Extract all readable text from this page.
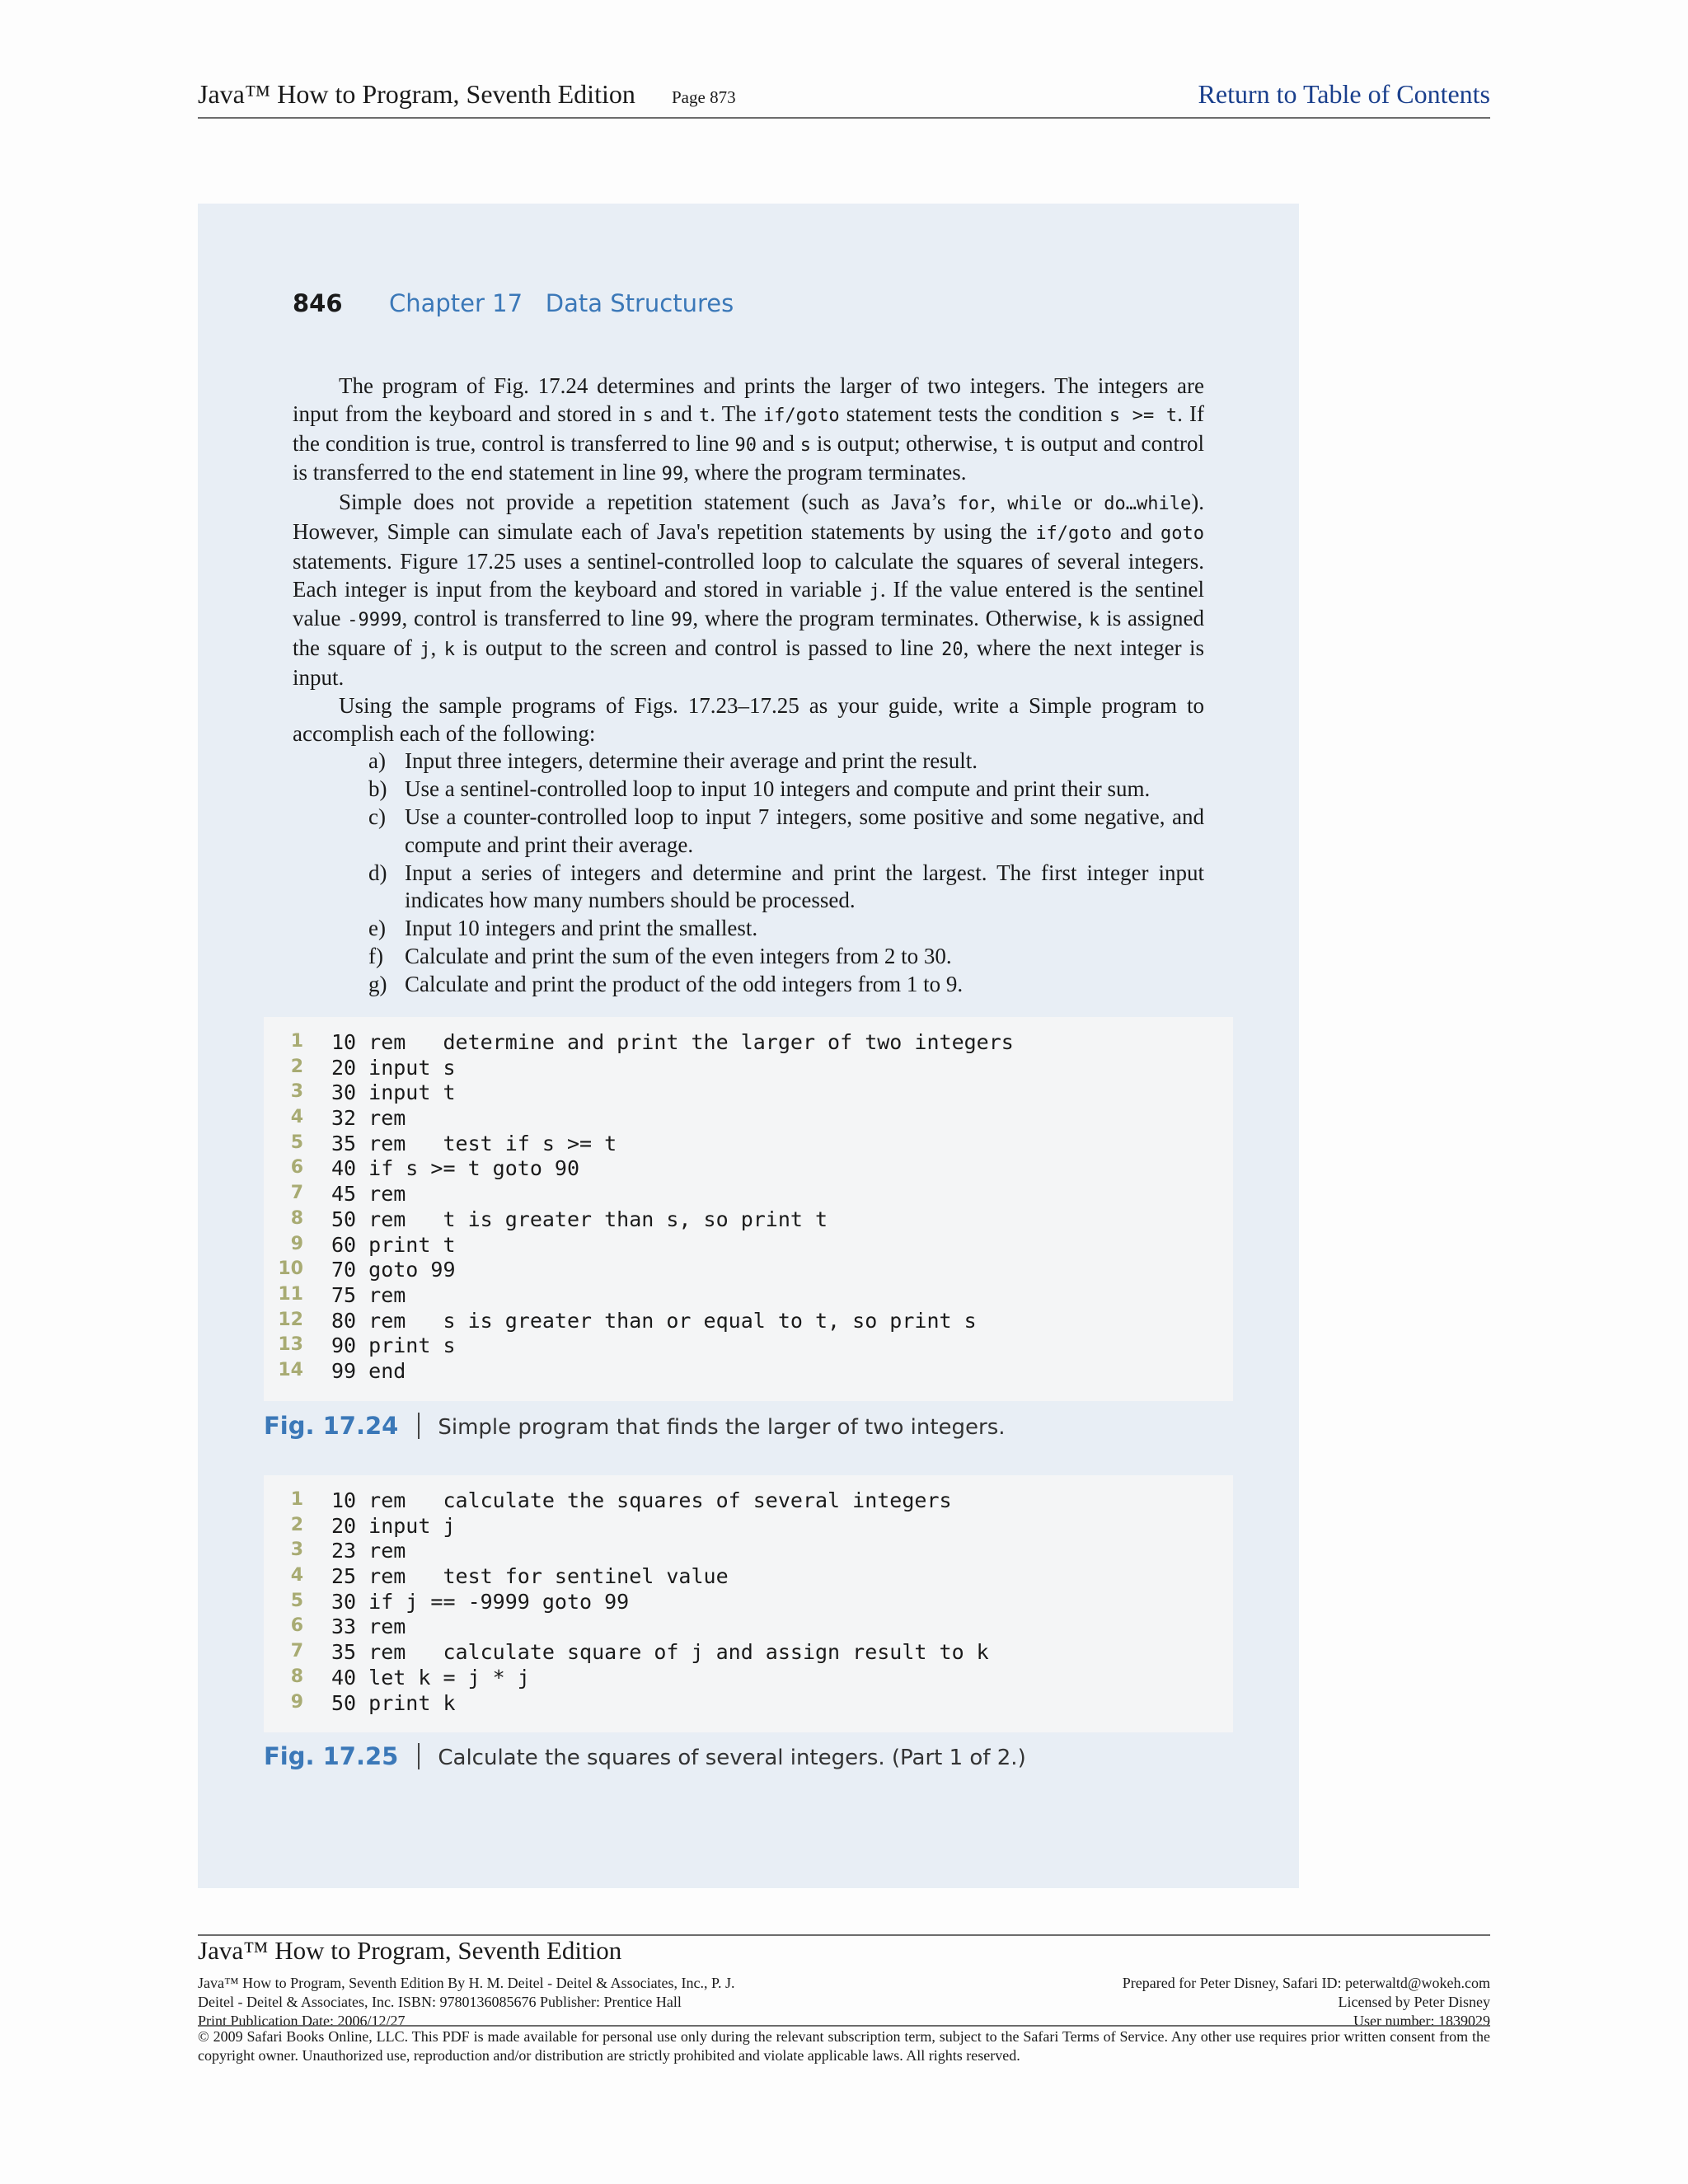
Java™ How to Program, Seventh Edition Page 873	Return to Table of Contents
846 Chapter 17 Data Structures

The program of Fig. 17.24 determines and prints the larger of two integers. The integers are input from the keyboard and stored in s and t. The if/goto statement tests the condition s >= t. If the condition is true, control is transferred to line 90 and s is output; otherwise, t is output and control is transferred to the end statement in line 99, where the program terminates.

Simple does not provide a repetition statement (such as Java’s for, while or do…while). However, Simple can simulate each of Java's repetition statements by using the if/goto and goto statements. Figure 17.25 uses a sentinel-controlled loop to calculate the squares of several integers. Each integer is input from the keyboard and stored in variable j. If the value entered is the sentinel value -9999, control is transferred to line 99, where the program terminates. Otherwise, k is assigned the square of j, k is output to the screen and control is passed to line 20, where the next integer is input.

Using the sample programs of Figs. 17.23–17.25 as your guide, write a Simple program to accomplish each of the following:

a) Input three integers, determine their average and print the result.
b) Use a sentinel-controlled loop to input 10 integers and compute and print their sum.
c) Use a counter-controlled loop to input 7 integers, some positive and some negative, and compute and print their average.
d) Input a series of integers and determine and print the largest. The first integer input indicates how many numbers should be processed.
e) Input 10 integers and print the smallest.
f) Calculate and print the sum of the even integers from 2 to 30.
g) Calculate and print the product of the odd integers from 1 to 9.
1 10 rem   determine and print the larger of two integers
2 20 input s
3 30 input t
4 32 rem
5 35 rem   test if s >= t
6 40 if s >= t goto 90
7 45 rem
8 50 rem   t is greater than s, so print t
9 60 print t
10 70 goto 99
11 75 rem
12 80 rem   s is greater than or equal to t, so print s
13 90 print s
14 99 end
Fig. 17.24 Simple program that finds the larger of two integers.
1 10 rem   calculate the squares of several integers
2 20 input j
3 23 rem
4 25 rem   test for sentinel value
5 30 if j == -9999 goto 99
6 33 rem
7 35 rem   calculate square of j and assign result to k
8 40 let k = j * j
9 50 print k
Fig. 17.25 Calculate the squares of several integers. (Part 1 of 2.)
Java™ How to Program, Seventh Edition
Java™ How to Program, Seventh Edition By H. M. Deitel - Deitel & Associates, Inc., P. J.
Deitel - Deitel & Associates, Inc. ISBN: 9780136085676 Publisher: Prentice Hall
Print Publication Date: 2006/12/27
Prepared for Peter Disney, Safari ID: peterwaltd@wokeh.com
Licensed by Peter Disney
User number: 1839029
© 2009 Safari Books Online, LLC. This PDF is made available for personal use only during the relevant subscription term, subject to the Safari Terms of Service. Any other use requires prior written consent from the copyright owner. Unauthorized use, reproduction and/or distribution are strictly prohibited and violate applicable laws. All rights reserved.
